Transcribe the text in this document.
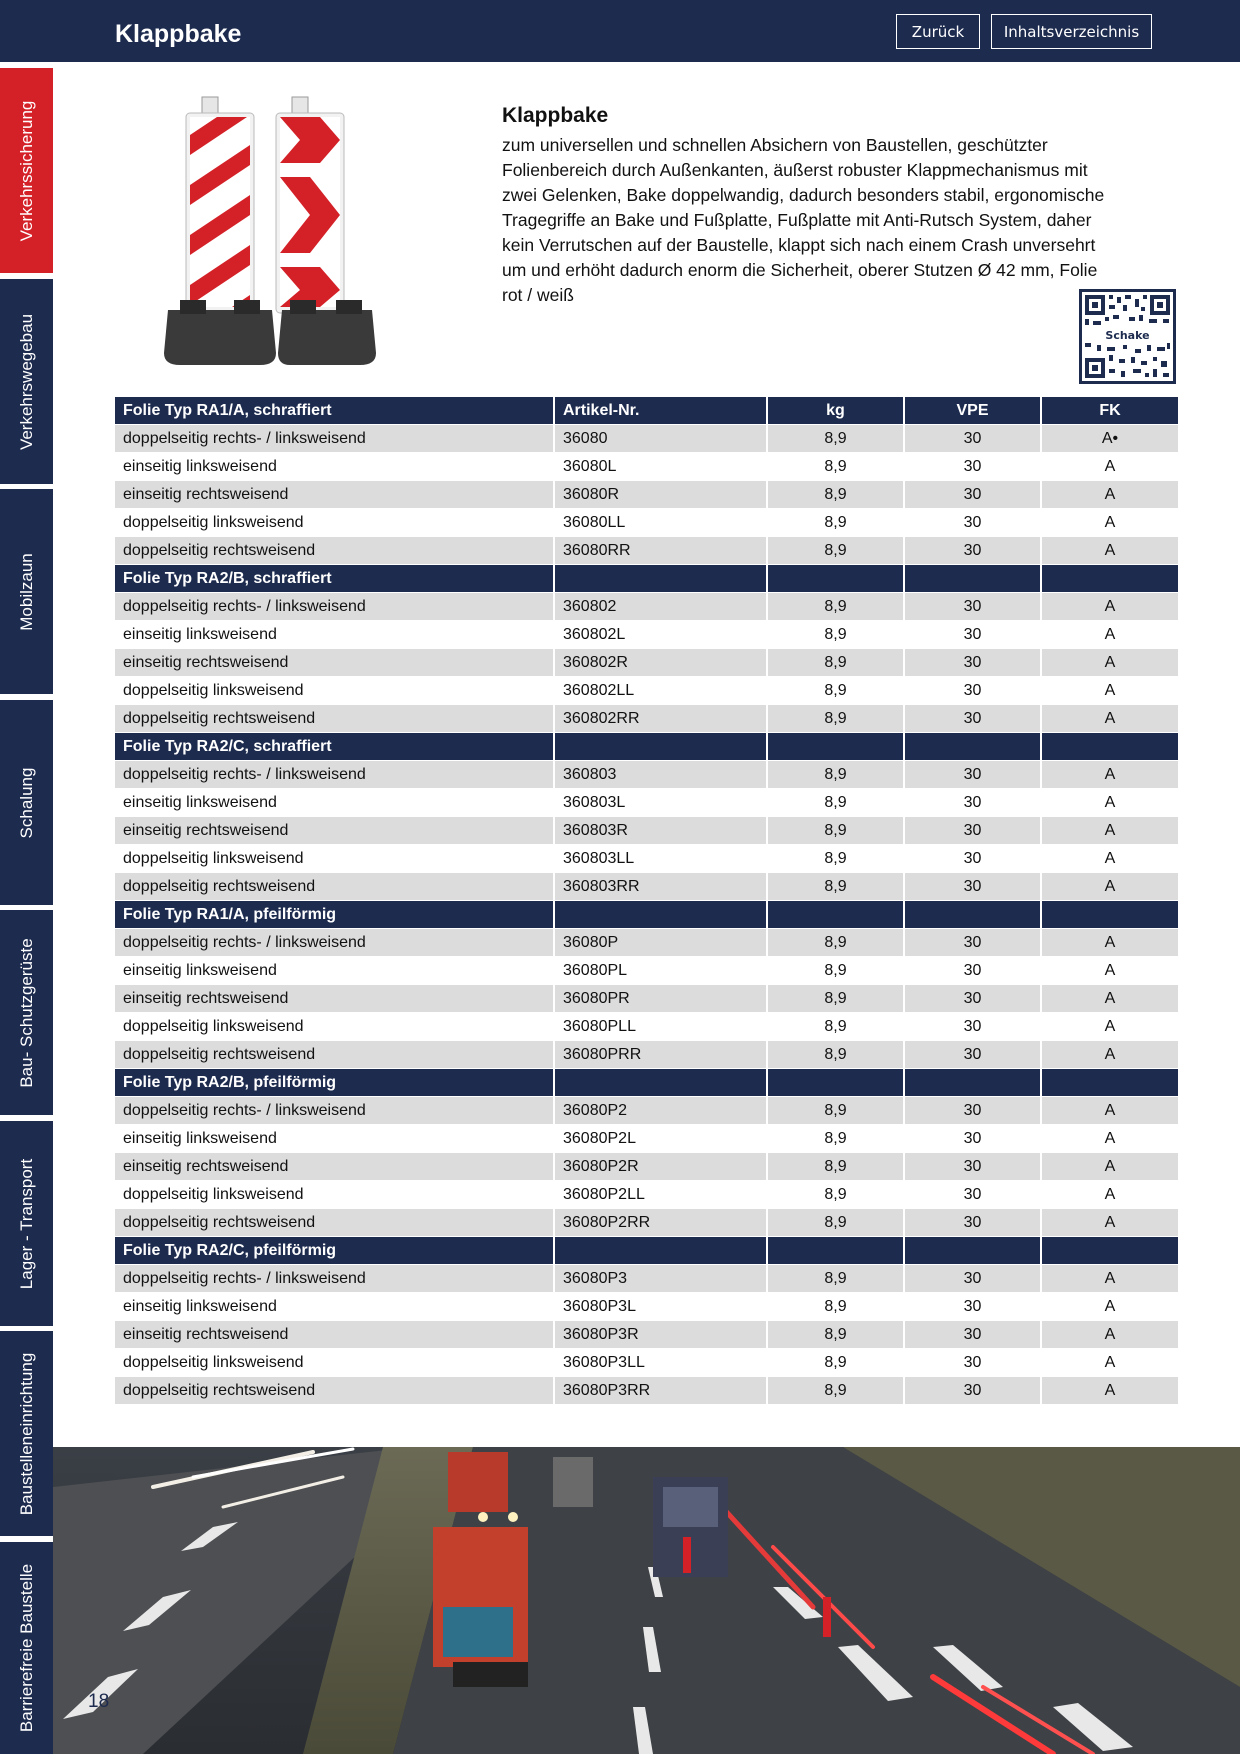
Klappbake	Zurück	Inhaltsverzeichnis
Verkehrssicherung
Verkehrswegebau
Mobilzaun
Schalung
Bau- Schutzgerüste
Lager - Transport
Baustelleneinrichtung
Barrierefreie Baustelle
Klappbake
zum universellen und schnellen Absichern von Baustellen, geschützter Folienbereich durch Außenkanten, äußerst robuster Klappmechanismus mit zwei Gelenken, Bake doppelwandig, dadurch besonders stabil, ergonomische Tragegriffe an Bake und Fußplatte, Fußplatte mit Anti-Rutsch System, daher kein Verrutschen auf der Baustelle, klappt sich nach einem Crash unversehrt um und erhöht dadurch enorm die Sicherheit, oberer Stutzen Ø 42 mm, Folie rot / weiß
Schake
Folie Typ RA1/A, schraffiert	Artikel-Nr.	kg	VPE	FK
doppelseitig rechts- / linksweisend	36080	8,9	30	A•
einseitig linksweisend	36080L	8,9	30	A
einseitig rechtsweisend	36080R	8,9	30	A
doppelseitig linksweisend	36080LL	8,9	30	A
doppelseitig rechtsweisend	36080RR	8,9	30	A
Folie Typ RA2/B, schraffiert
doppelseitig rechts- / linksweisend	360802	8,9	30	A
einseitig linksweisend	360802L	8,9	30	A
einseitig rechtsweisend	360802R	8,9	30	A
doppelseitig linksweisend	360802LL	8,9	30	A
doppelseitig rechtsweisend	360802RR	8,9	30	A
Folie Typ RA2/C, schraffiert
doppelseitig rechts- / linksweisend	360803	8,9	30	A
einseitig linksweisend	360803L	8,9	30	A
einseitig rechtsweisend	360803R	8,9	30	A
doppelseitig linksweisend	360803LL	8,9	30	A
doppelseitig rechtsweisend	360803RR	8,9	30	A
Folie Typ RA1/A, pfeilförmig
doppelseitig rechts- / linksweisend	36080P	8,9	30	A
einseitig linksweisend	36080PL	8,9	30	A
einseitig rechtsweisend	36080PR	8,9	30	A
doppelseitig linksweisend	36080PLL	8,9	30	A
doppelseitig rechtsweisend	36080PRR	8,9	30	A
Folie Typ RA2/B, pfeilförmig
doppelseitig rechts- / linksweisend	36080P2	8,9	30	A
einseitig linksweisend	36080P2L	8,9	30	A
einseitig rechtsweisend	36080P2R	8,9	30	A
doppelseitig linksweisend	36080P2LL	8,9	30	A
doppelseitig rechtsweisend	36080P2RR	8,9	30	A
Folie Typ RA2/C, pfeilförmig
doppelseitig rechts- / linksweisend	36080P3	8,9	30	A
einseitig linksweisend	36080P3L	8,9	30	A
einseitig rechtsweisend	36080P3R	8,9	30	A
doppelseitig linksweisend	36080P3LL	8,9	30	A
doppelseitig rechtsweisend	36080P3RR	8,9	30	A
18
